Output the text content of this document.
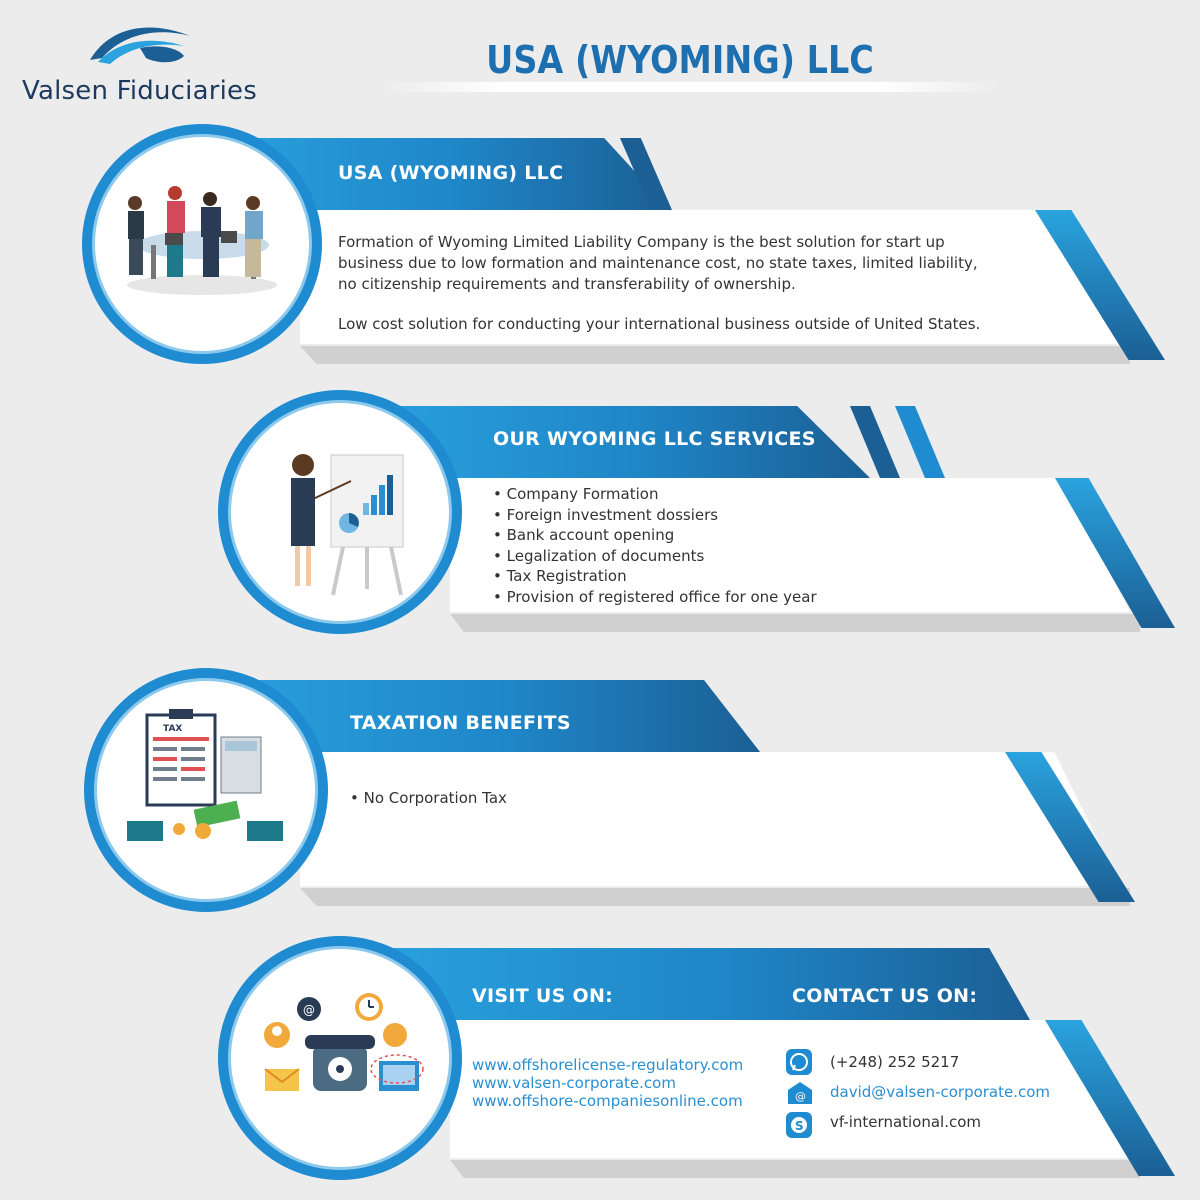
Valsen Fiduciaries
USA (WYOMING) LLC
USA (WYOMING) LLC
Formation of Wyoming Limited Liability Company is the best solution for start up business due to low formation and maintenance cost, no state taxes, limited liability, no citizenship requirements and transferability of ownership.
Low cost solution for conducting your international business outside of United States.
OUR WYOMING LLC SERVICES
• Company Formation
• Foreign investment dossiers
• Bank account opening
• Legalization of documents
• Tax Registration
• Provision of registered office for one year
TAXATION BENEFITS
• No Corporation Tax
TAX
VISIT US ON:	CONTACT US ON:
www.offshorelicense-regulatory.com
www.valsen-corporate.com
www.offshore-companiesonline.com
(+248) 252 5217
@ david@valsen-corporate.com
S vf-international.com
@
